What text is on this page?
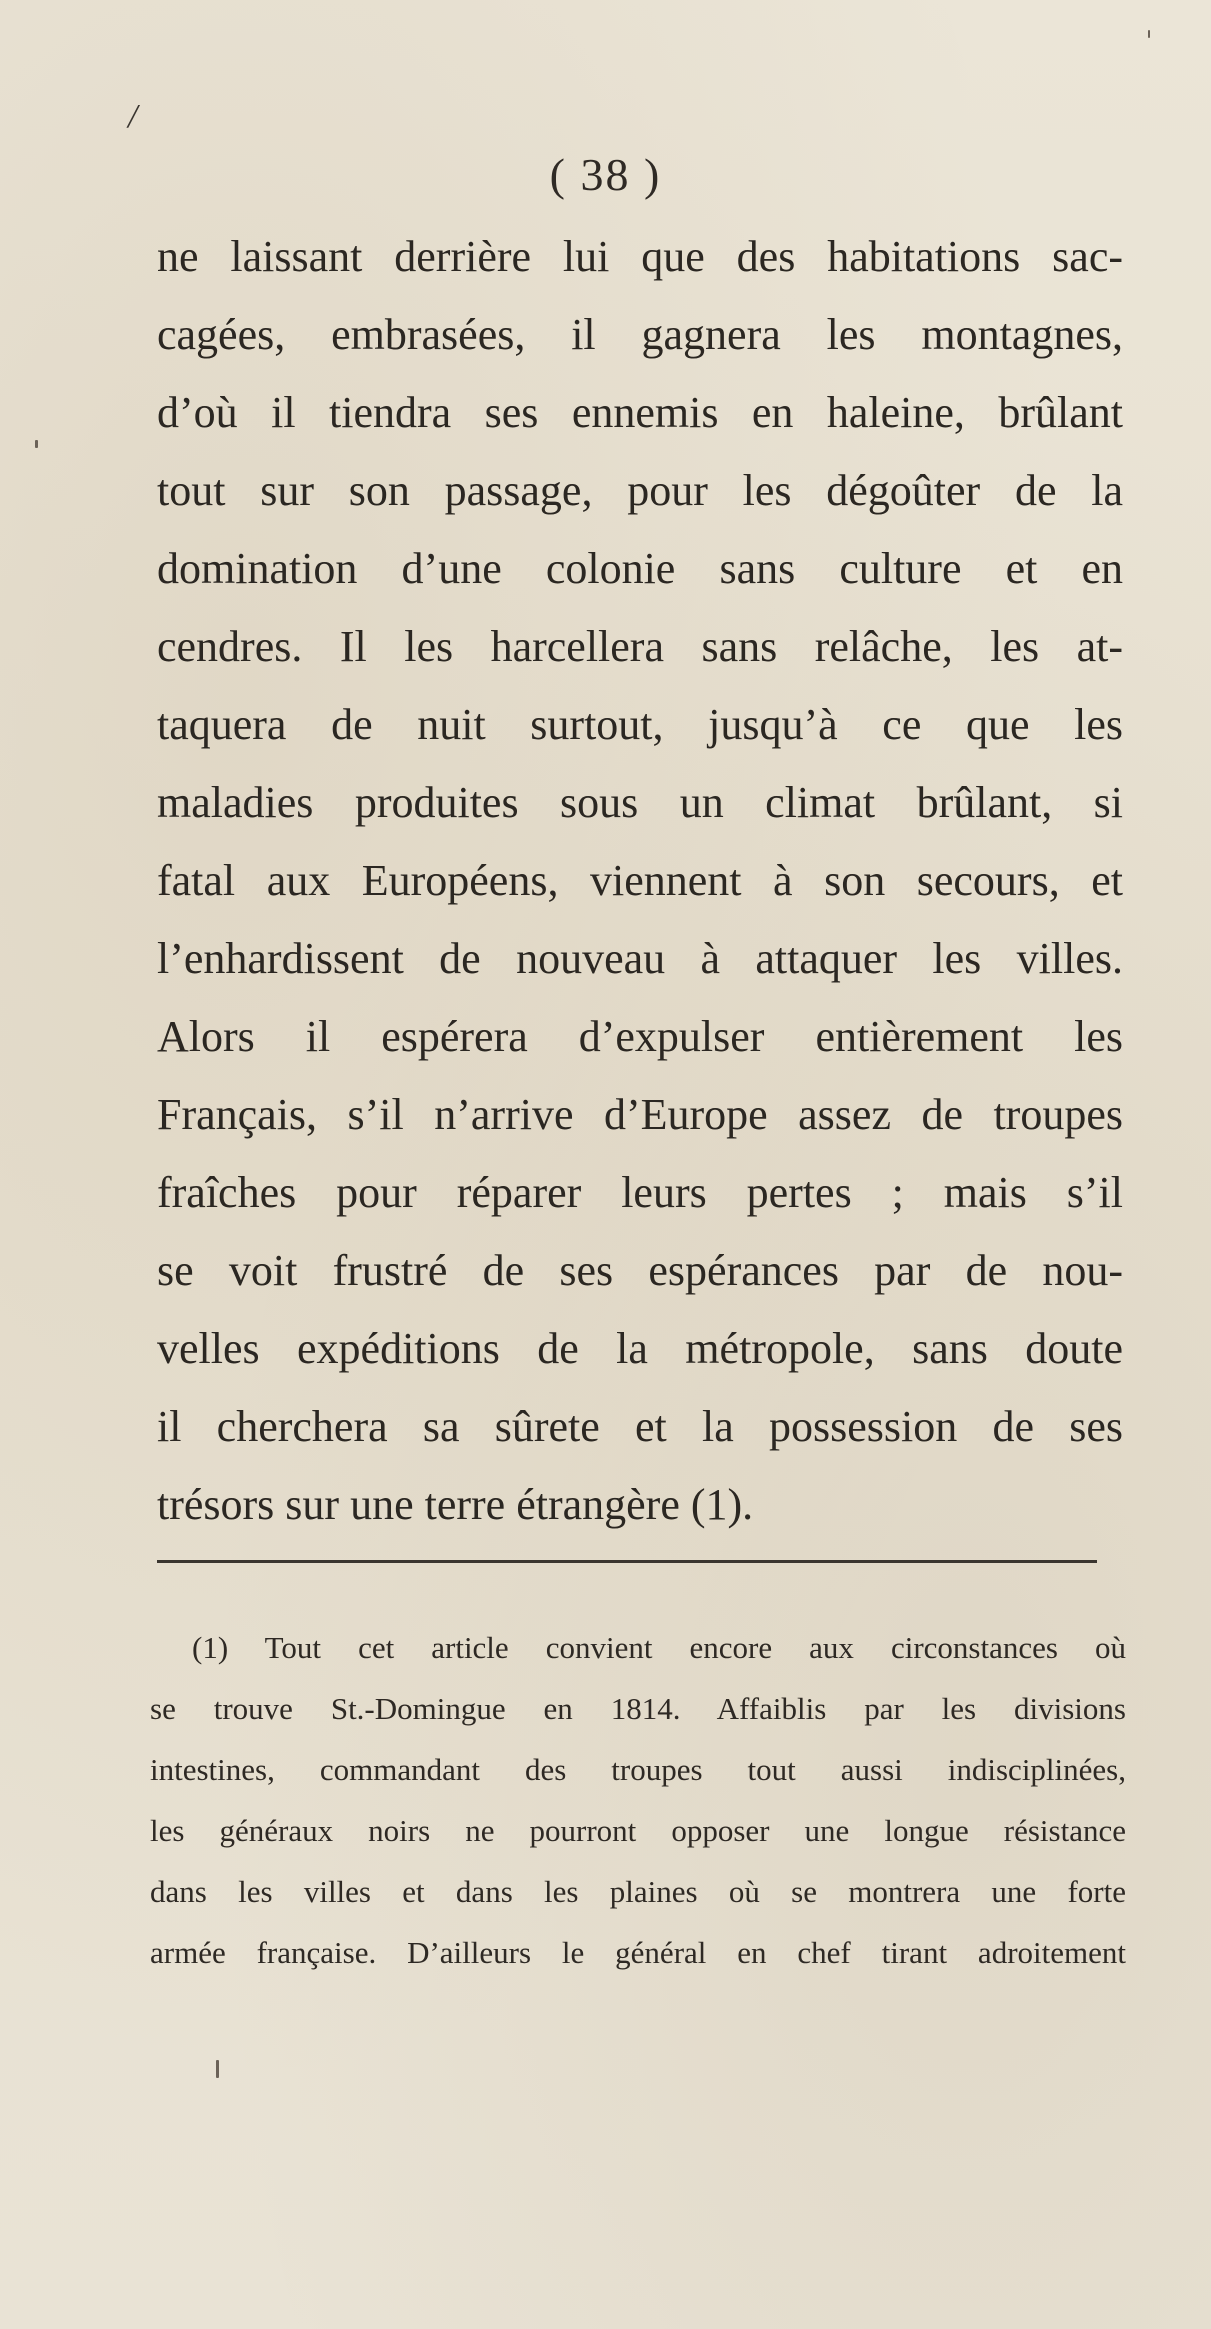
/
( 38 )
ne laissant derrière lui que des habitations sac-
cagées, embrasées, il gagnera les montagnes,
d’où il tiendra ses ennemis en haleine, brûlant
tout sur son passage, pour les dégoûter de la
domination d’une colonie sans culture et en
cendres. Il les harcellera sans relâche, les at-
taquera de nuit surtout, jusqu’à ce que les
maladies produites sous un climat brûlant, si
fatal aux Européens, viennent à son secours, et
l’enhardissent de nouveau à attaquer les villes.
Alors il espérera d’expulser entièrement les
Français, s’il n’arrive d’Europe assez de troupes
fraîches pour réparer leurs pertes ; mais s’il
se voit frustré de ses espérances par de nou-
velles expéditions de la métropole, sans doute
il cherchera sa sûrete et la possession de ses
trésors sur une terre étrangère (1).
(1) Tout cet article convient encore aux circonstances où
se trouve St.-Domingue en 1814. Affaiblis par les divisions
intestines, commandant des troupes tout aussi indisciplinées,
les généraux noirs ne pourront opposer une longue résistance
dans les villes et dans les plaines où se montrera une forte
armée française. D’ailleurs le général en chef tirant adroitement
